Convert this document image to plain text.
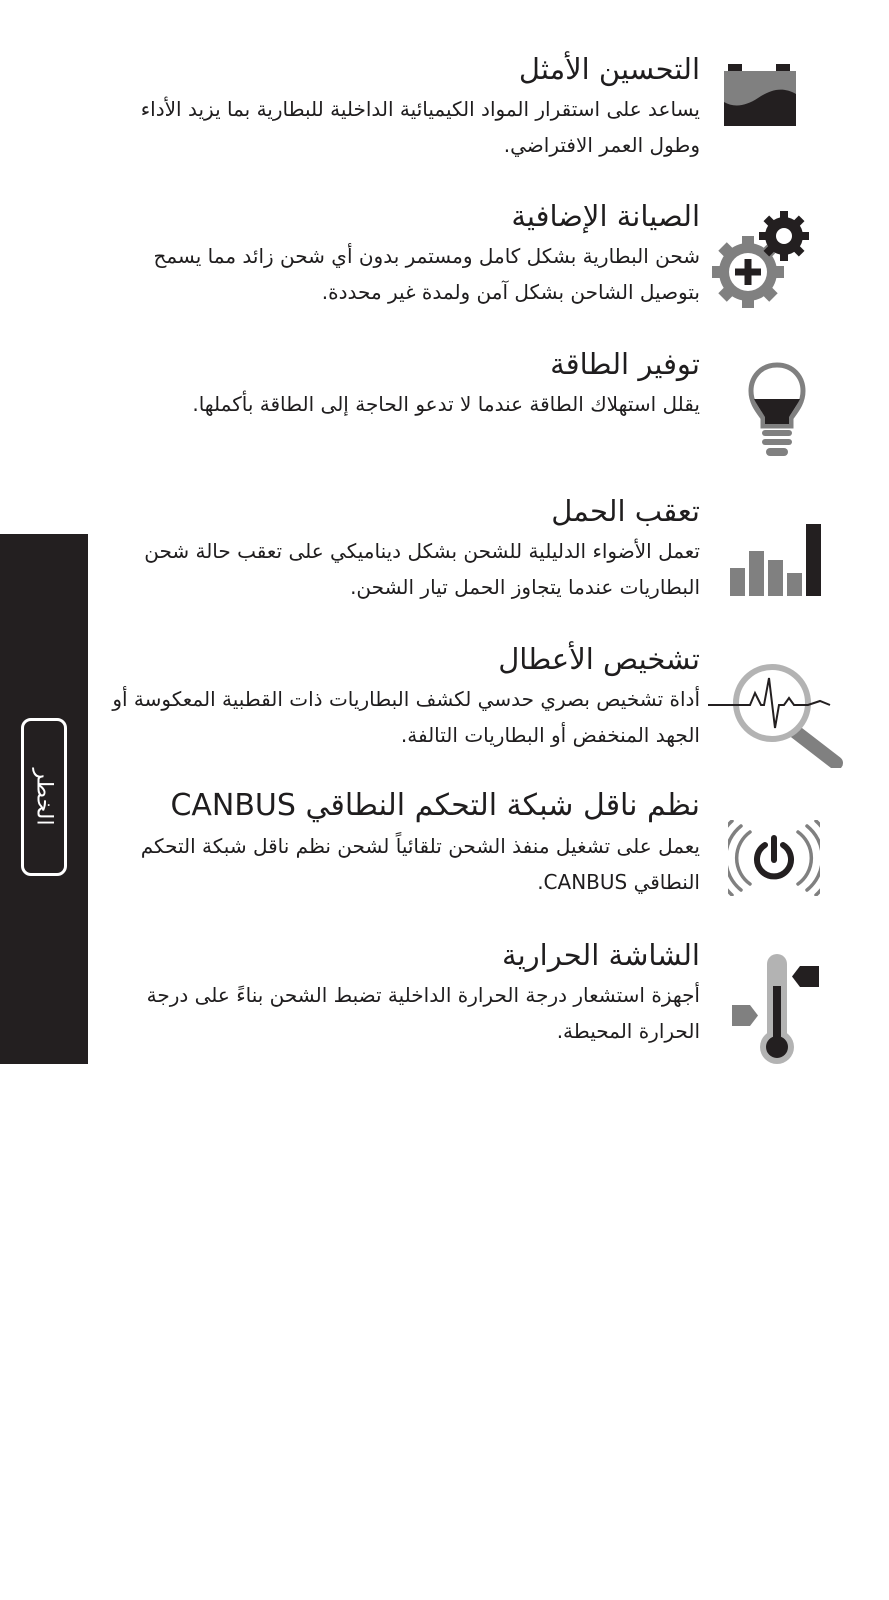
الخطر
التحسين الأمثل

يساعد على استقرار المواد الكيميائية الداخلية للبطارية بما يزيد الأداء وطول العمر الافتراضي.

الصيانة الإضافية

شحن البطارية بشكل كامل ومستمر بدون أي شحن زائد مما يسمح بتوصيل الشاحن بشكل آمن ولمدة غير محددة.

توفير الطاقة

يقلل استهلاك الطاقة عندما لا تدعو الحاجة إلى الطاقة بأكملها.

تعقب الحمل

تعمل الأضواء الدليلية للشحن بشكل ديناميكي على تعقب حالة شحن البطاريات عندما يتجاوز الحمل تيار الشحن.

تشخيص الأعطال

أداة تشخيص بصري حدسي لكشف البطاريات ذات القطبية المعكوسة أو الجهد المنخفض أو البطاريات التالفة.

نظم ناقل شبكة التحكم النطاقي CANBUS

يعمل على تشغيل منفذ الشحن تلقائياً لشحن نظم ناقل شبكة التحكم النطاقي CANBUS.

الشاشة الحرارية

أجهزة استشعار درجة الحرارة الداخلية تضبط الشحن بناءً على درجة الحرارة المحيطة.
